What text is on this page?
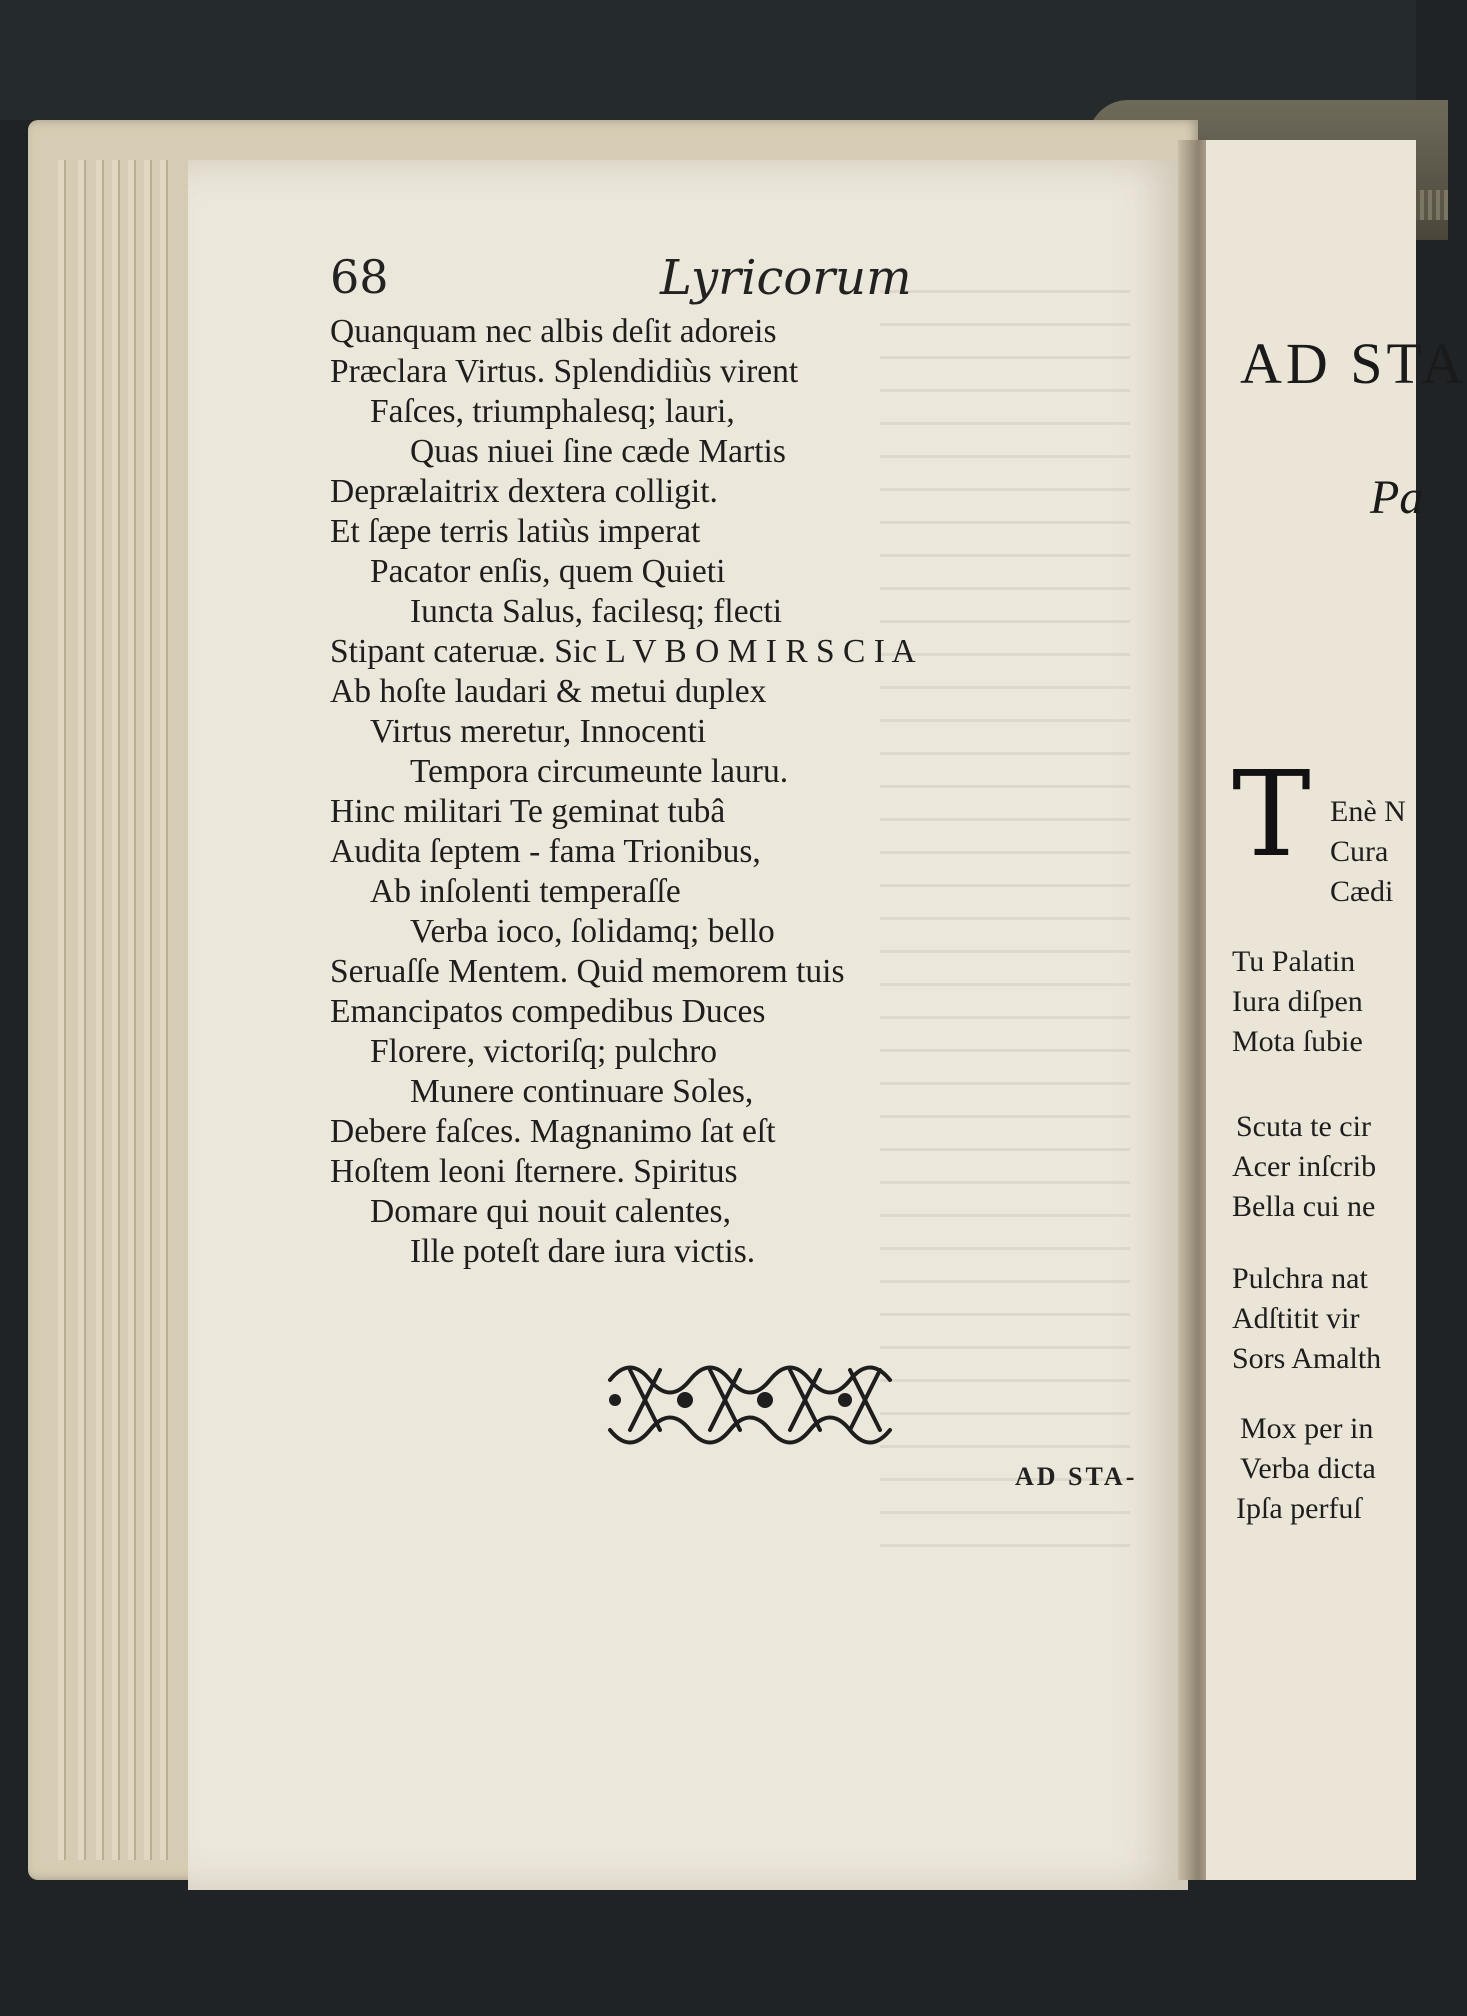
68	Lyricorum
Quanquam nec albis deſit adoreis
Præclara Virtus. Splendidiùs virent
Faſces, triumphalesq; lauri,
Quas niuei ſine cæde Martis
Deprælaitrix dextera colligit.
Et ſæpe terris latiùs imperat
Pacator enſis, quem Quieti
Iuncta Salus, facilesq; flecti
Stipant cateruæ. Sic L V B O M I R S C I A
Ab hoſte laudari & metui duplex
Virtus meretur, Innocenti
Tempora circumeunte lauru.
Hinc militari Te geminat tubâ
Audita ſeptem - fama Trionibus,
Ab inſolenti temperaſſe
Verba ioco, ſolidamq; bello
Seruaſſe Mentem. Quid memorem tuis
Emancipatos compedibus Duces
Florere, victoriſq; pulchro
Munere continuare Soles,
Debere faſces. Magnanimo ſat eſt
Hoſtem leoni ſternere. Spiritus
Domare qui nouit calentes,
Ille poteſt dare iura victis.
AD STA-
AD STA
Pa
T Enè N
Cura
Cædi
Tu Palatin
Iura diſpen
Mota ſubie
Scuta te cir
Acer inſcrib
Bella cui ne
Pulchra nat
Adſtitit vir
Sors Amalth
Mox per in
Verba dicta
Ipſa perfuſ
